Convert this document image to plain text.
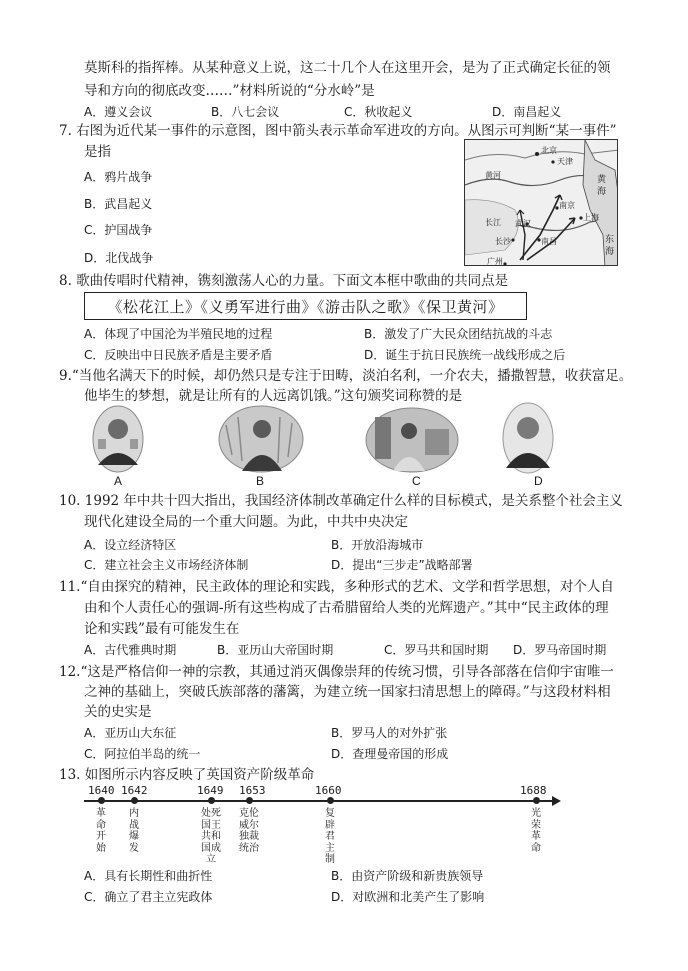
莫斯科的指挥棒。从某种意义上说，这二十几个人在这里开会，是为了正式确定长征的领
导和方向的彻底改变……”材料所说的“分水岭”是
A．遵义会议	B．八七会议	C．秋收起义	D．南昌起义
7. 右图为近代某一事件的示意图，图中箭头表示革命军进攻的方向。从图示可判断“某一事件”
是指
A．鸦片战争
B．武昌起义
C．护国战争
D．北伐战争
北京
天津
黄河
长江
南京
上海
武汉
长沙	南昌
广州
黄
海
东
海
8. 歌曲传唱时代精神，镌刻激荡人心的力量。下面文本框中歌曲的共同点是
《松花江上》《义勇军进行曲》《游击队之歌》《保卫黄河》
A．体现了中国沦为半殖民地的过程	B．激发了广大民众团结抗战的斗志
C．反映出中日民族矛盾是主要矛盾	D．诞生于抗日民族统一战线形成之后
9.“当他名满天下的时候，却仍然只是专注于田畴，淡泊名利，一介农夫，播撒智慧，收获富足。
他毕生的梦想，就是让所有的人远离饥饿。”这句颁奖词称赞的是
A	B	C	D
10. 1992 年中共十四大指出，我国经济体制改革确定什么样的目标模式，是关系整个社会主义
现代化建设全局的一个重大问题。为此，中共中央决定
A．设立经济特区	B．开放沿海城市
C．建立社会主义市场经济体制	D．提出“三步走”战略部署
11.“自由探究的精神，民主政体的理论和实践，多种形式的艺术、文学和哲学思想，对个人自
由和个人责任心的强调-所有这些构成了古希腊留给人类的光辉遗产。”其中“民主政体的理
论和实践”最有可能发生在
A．古代雅典时期	B．亚历山大帝国时期	C．罗马共和国时期 D．罗马帝国时期
12.“这是严格信仰一神的宗教，其通过消灭偶像崇拜的传统习惯，引导各部落在信仰宇宙唯一
之神的基础上，突破氏族部落的藩篱，为建立统一国家扫清思想上的障碍。”与这段材料相
关的史实是
A．亚历山大东征	B．罗马人的对外扩张
C．阿拉伯半岛的统一	D．查理曼帝国的形成
13. 如图所示内容反映了英国资产阶级革命
1640
革命开始
1642
内战爆发
1649
处死国王共和国成立
1653
克伦威尔独裁统治
1660
复辟君主制
1688
光荣革命
A．具有长期性和曲折性	B．由资产阶级和新贵族领导
C．确立了君主立宪政体	D．对欧洲和北美产生了影响
